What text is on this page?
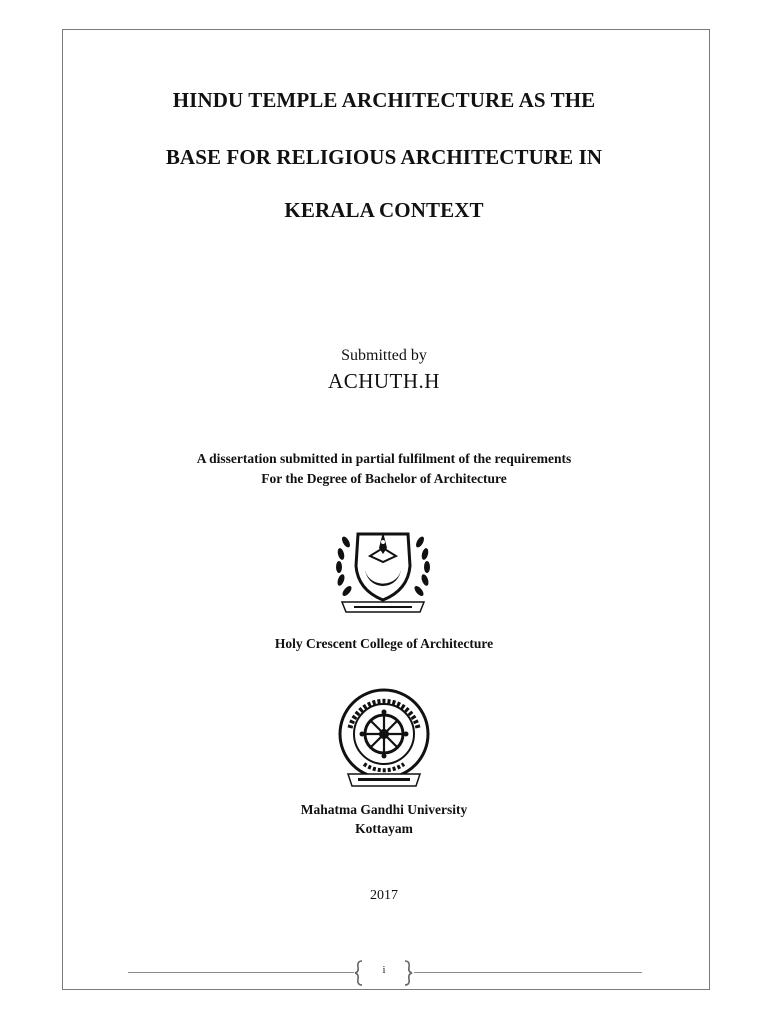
HINDU TEMPLE ARCHITECTURE AS THE
BASE FOR RELIGIOUS ARCHITECTURE IN
KERALA CONTEXT
Submitted by
ACHUTH.H
A dissertation submitted in partial fulfilment of the requirements
For the Degree of Bachelor of Architecture
Holy Crescent College of Architecture
Mahatma Gandhi University
Kottayam
2017
i
